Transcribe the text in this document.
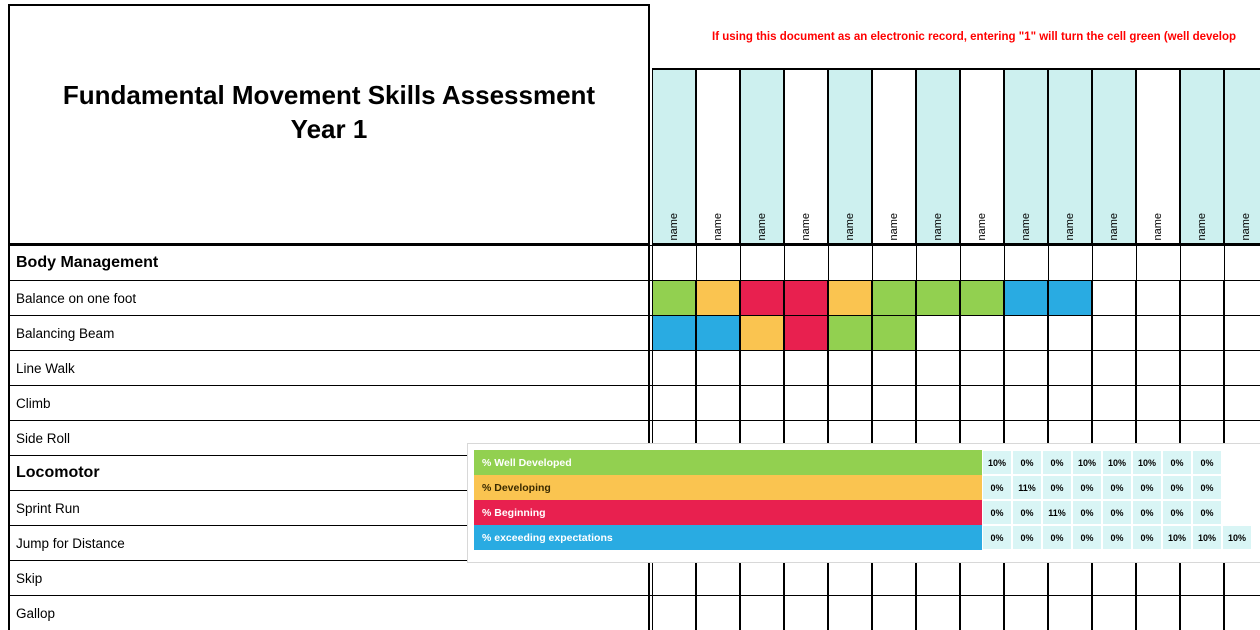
Fundamental Movement Skills Assessment
Year 1
If using this document as an electronic record, entering "1" will turn the cell green (well develop
name	name	name	name	name	name	name	name	name	name	name	name	name	name
Body Management
Balance on one foot
Balancing Beam
Line Walk
Climb
Side Roll
Locomotor
Sprint Run
Jump for Distance
Skip
Gallop
% Well Developed	10%	0%	0%	10%	10%	10%	0%	0%
% Developing	0%	11%	0%	0%	0%	0%	0%	0%
% Beginning	0%	0%	11%	0%	0%	0%	0%	0%
% exceeding expectations	0%	0%	0%	0%	0%	0%	10%	10%	10%
